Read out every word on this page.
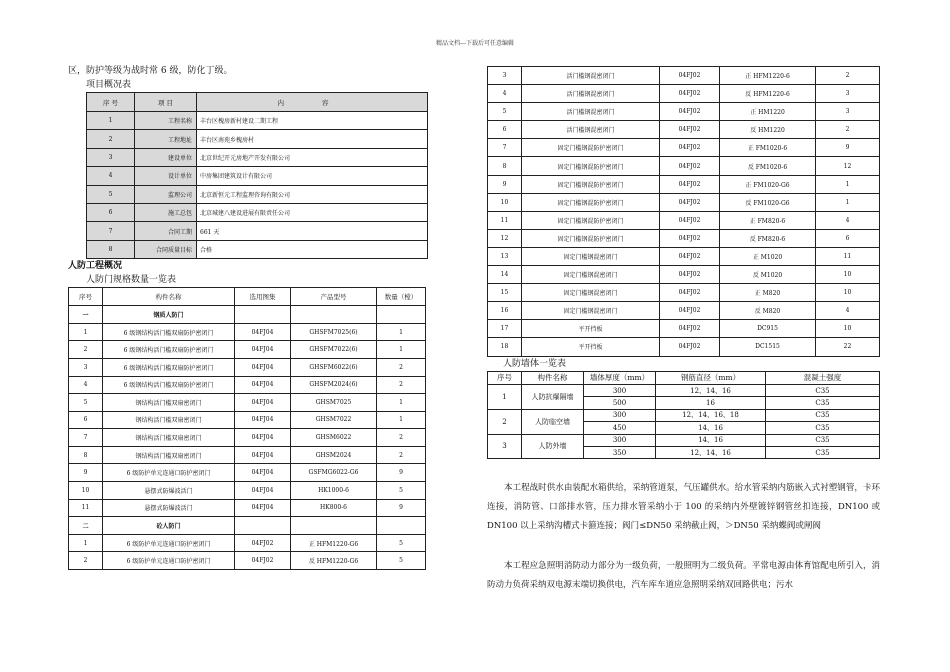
精品文档---下载后可任意编辑
区，防护等级为战时常 6 级，防化丁级。
项目概况表
序 号	项 目	内 容
1	工程名称	丰台区槐房新村建设二期工程
2	工程地址	丰台区南苑乡槐房村
3	建设单位	北京世纪开元房地产开发有限公司
4	设计单位	中房集团建筑设计有限公司
5	监理公司	北京新恒元工程监理咨询有限公司
6	施工总包	北京城建八建设进展有限责任公司
7	合同工期	661 天
8	合同质量目标	合格
人防工程概况
人防门规格数量一览表
序号	构件名称	选用图集	产品型号	数量（樘）
一	钢质人防门			
1	6 级钢结构活门槛双扇防护密闭门	04FJ04	GHSFM7025(6)	1
2	6 级钢结构活门槛双扇防护密闭门	04FJ04	GHSFM7022(6)	1
3	6 级钢结构活门槛双扇防护密闭门	04FJ04	GHSFM6022(6)	2
4	6 级钢结构活门槛双扇防护密闭门	04FJ04	GHSFM2024(6)	2
5	钢结构活门槛双扇密闭门	04FJ04	GHSM7025	1
6	钢结构活门槛双扇密闭门	04FJ04	GHSM7022	1
7	钢结构活门槛双扇密闭门	04FJ04	GHSM6022	2
8	钢结构活门槛双扇密闭门	04FJ04	GHSM2024	2
9	6 级防护单元连通口防护密闭门	04FJ04	GSFMG6022-G6	9
10	悬摆式防爆波活门	04FJ04	HK1000-6	5
11	悬摆式防爆波活门	04FJ04	HK800-6	9
二	砼人防门			
1	6 级防护单元连通口防护密闭门	04FJ02	正 HFM1220-G6	5
2	6 级防护单元连通口防护密闭门	04FJ02	反 HFM1220-G6	5
3	活门槛钢混密闭门	04FJ02	正 HFM1220-6	2
4	活门槛钢混密闭门	04FJ02	反 HFM1220-6	3
5	活门槛钢混密闭门	04FJ02	正 HM1220	3
6	活门槛钢混密闭门	04FJ02	反 HM1220	2
7	固定门槛钢混防护密闭门	04FJ02	正 FM1020-6	9
8	固定门槛钢混防护密闭门	04FJ02	反 FM1020-6	12
9	固定门槛钢混防护密闭门	04FJ02	正 FM1020-G6	1
10	固定门槛钢混防护密闭门	04FJ02	反 FM1020-G6	1
11	固定门槛钢混防护密闭门	04FJ02	正 FM820-6	4
12	固定门槛钢混防护密闭门	04FJ02	反 FM820-6	6
13	固定门槛钢混密闭门	04FJ02	正 M1020	11
14	固定门槛钢混密闭门	04FJ02	反 M1020	10
15	固定门槛钢混密闭门	04FJ02	正 M820	10
16	固定门槛钢混密闭门	04FJ02	反 M820	4
17	平开挡板	04FJ02	DC915	10
18	平开挡板	04FJ02	DC1515	22
人防墙体一览表
序号	构件名称	墙体厚度（mm）	钢筋直径（mm）	混凝土强度
1	人防抗爆隔墙	300	12、14、16	C35
		500	16	C35
2	人防临空墙	300	12、14、16、18	C35
		450	14、16	C35
3	人防外墙	300	14、16	C35
		350	12、14、16	C35
本工程战时供水由装配水箱供给，采纳管道泵，气压罐供水。给水管采纳内筋嵌入式衬塑钢管，卡环连接，消防管、口部排水管，压力排水管采纳小于 100 的采纳内外壁镀锌钢管丝扣连接，DN100 或 DN100 以上采纳沟槽式卡箍连接；阀门≤DN50 采纳截止阀，＞DN50 采纳蝶阀或闸阀
本工程应急照明消防动力部分为一级负荷，一般照明为二级负荷。平常电源由体育馆配电所引入，消防动力负荷采纳双电源末端切换供电，汽车库车道应急照明采纳双回路供电；污水
